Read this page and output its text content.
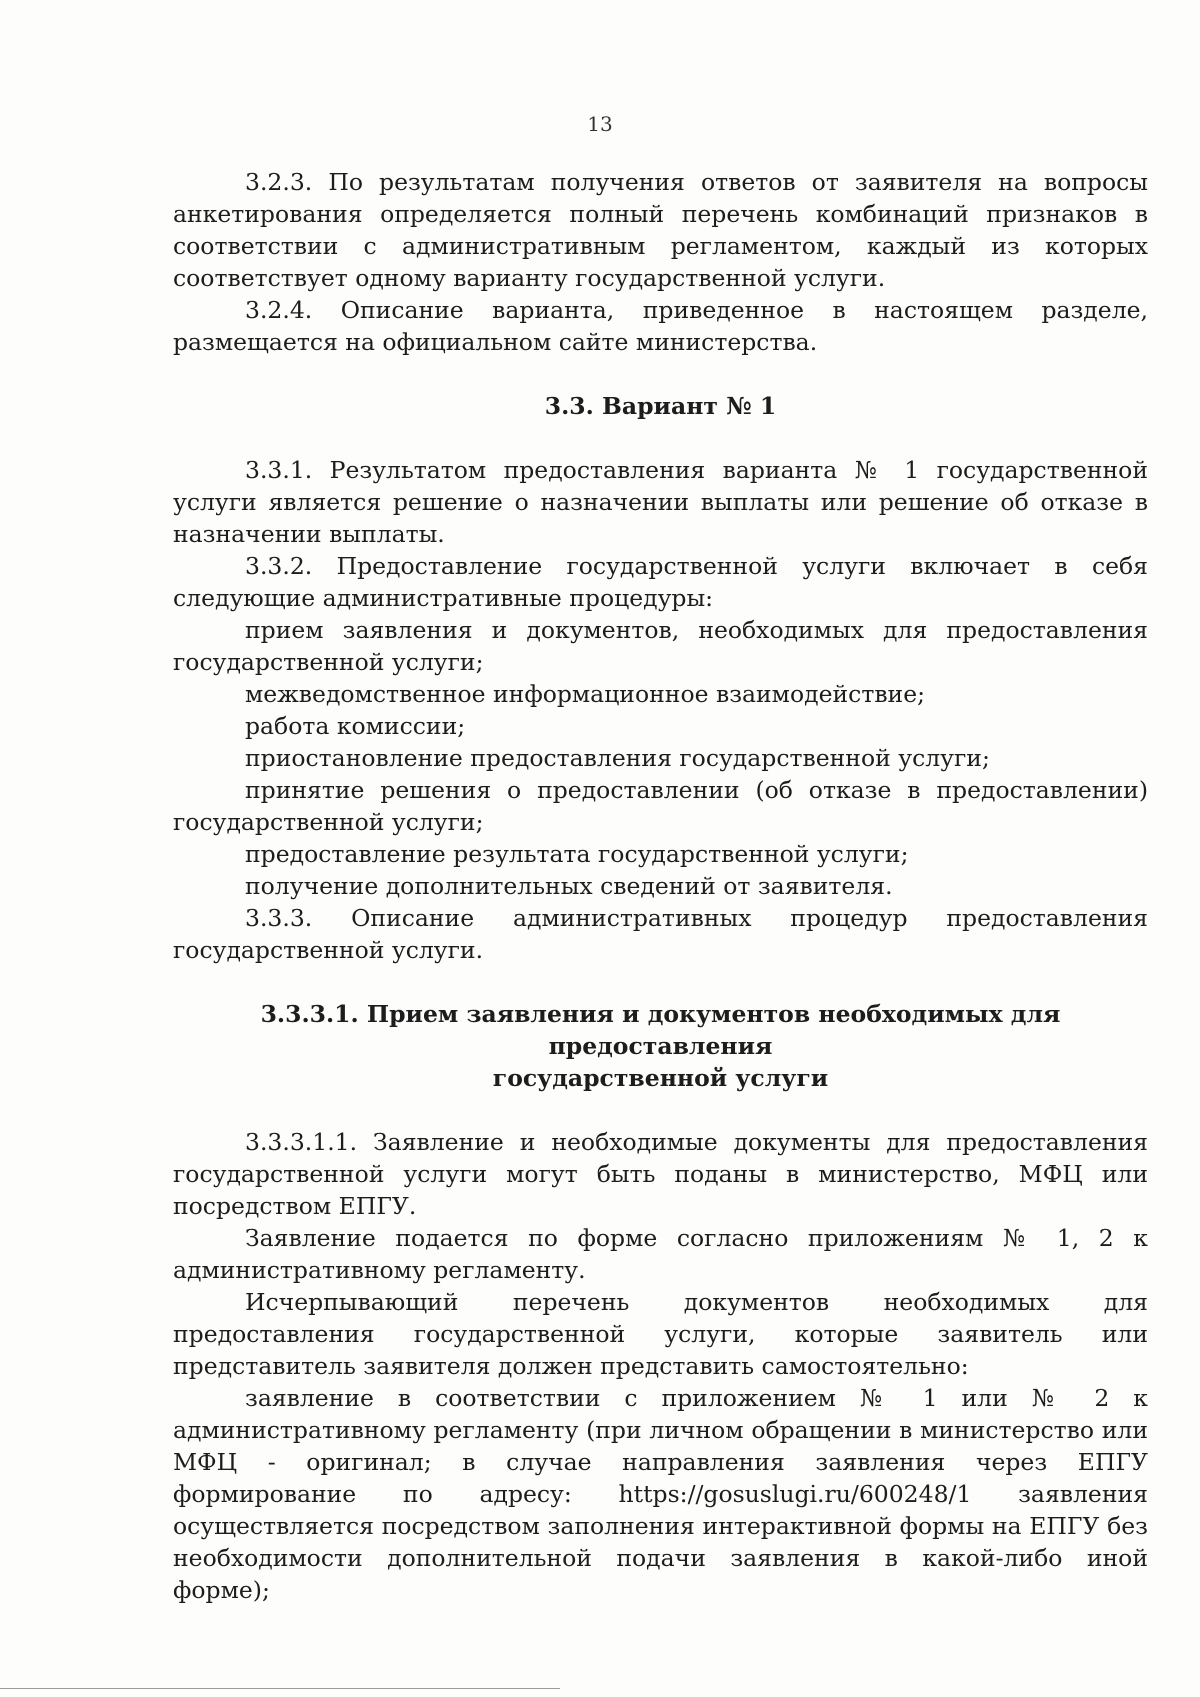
13

3.2.3. По результатам получения ответов от заявителя на вопросы анкетирования определяется полный перечень комбинаций признаков в соответствии с административным регламентом, каждый из которых соответствует одному варианту государственной услуги.

3.2.4. Описание варианта, приведенное в настоящем разделе, размещается на официальном сайте министерства.

3.3. Вариант № 1

3.3.1. Результатом предоставления варианта № 1 государственной услуги является решение о назначении выплаты или решение об отказе в назначении выплаты.

3.3.2. Предоставление государственной услуги включает в себя следующие административные процедуры:

прием заявления и документов, необходимых для предоставления государственной услуги;

межведомственное информационное взаимодействие;

работа комиссии;

приостановление предоставления государственной услуги;

принятие решения о предоставлении (об отказе в предоставлении) государственной услуги;

предоставление результата государственной услуги;

получение дополнительных сведений от заявителя.

3.3.3. Описание административных процедур предоставления государственной услуги.

3.3.3.1. Прием заявления и документов необходимых для предоставления

государственной услуги

3.3.3.1.1. Заявление и необходимые документы для предоставления государственной услуги могут быть поданы в министерство, МФЦ или посредством ЕПГУ.

Заявление подается по форме согласно приложениям № 1, 2 к административному регламенту.

Исчерпывающий перечень документов необходимых для предоставления государственной услуги, которые заявитель или представитель заявителя должен представить самостоятельно:

заявление в соответствии с приложением № 1 или № 2 к административному регламенту (при личном обращении в министерство или МФЦ - оригинал; в случае направления заявления через ЕПГУ формирование по адресу: https://gosuslugi.ru/600248/1 заявления осуществляется посредством заполнения интерактивной формы на ЕПГУ без необходимости дополнительной подачи заявления в какой-либо иной форме);
